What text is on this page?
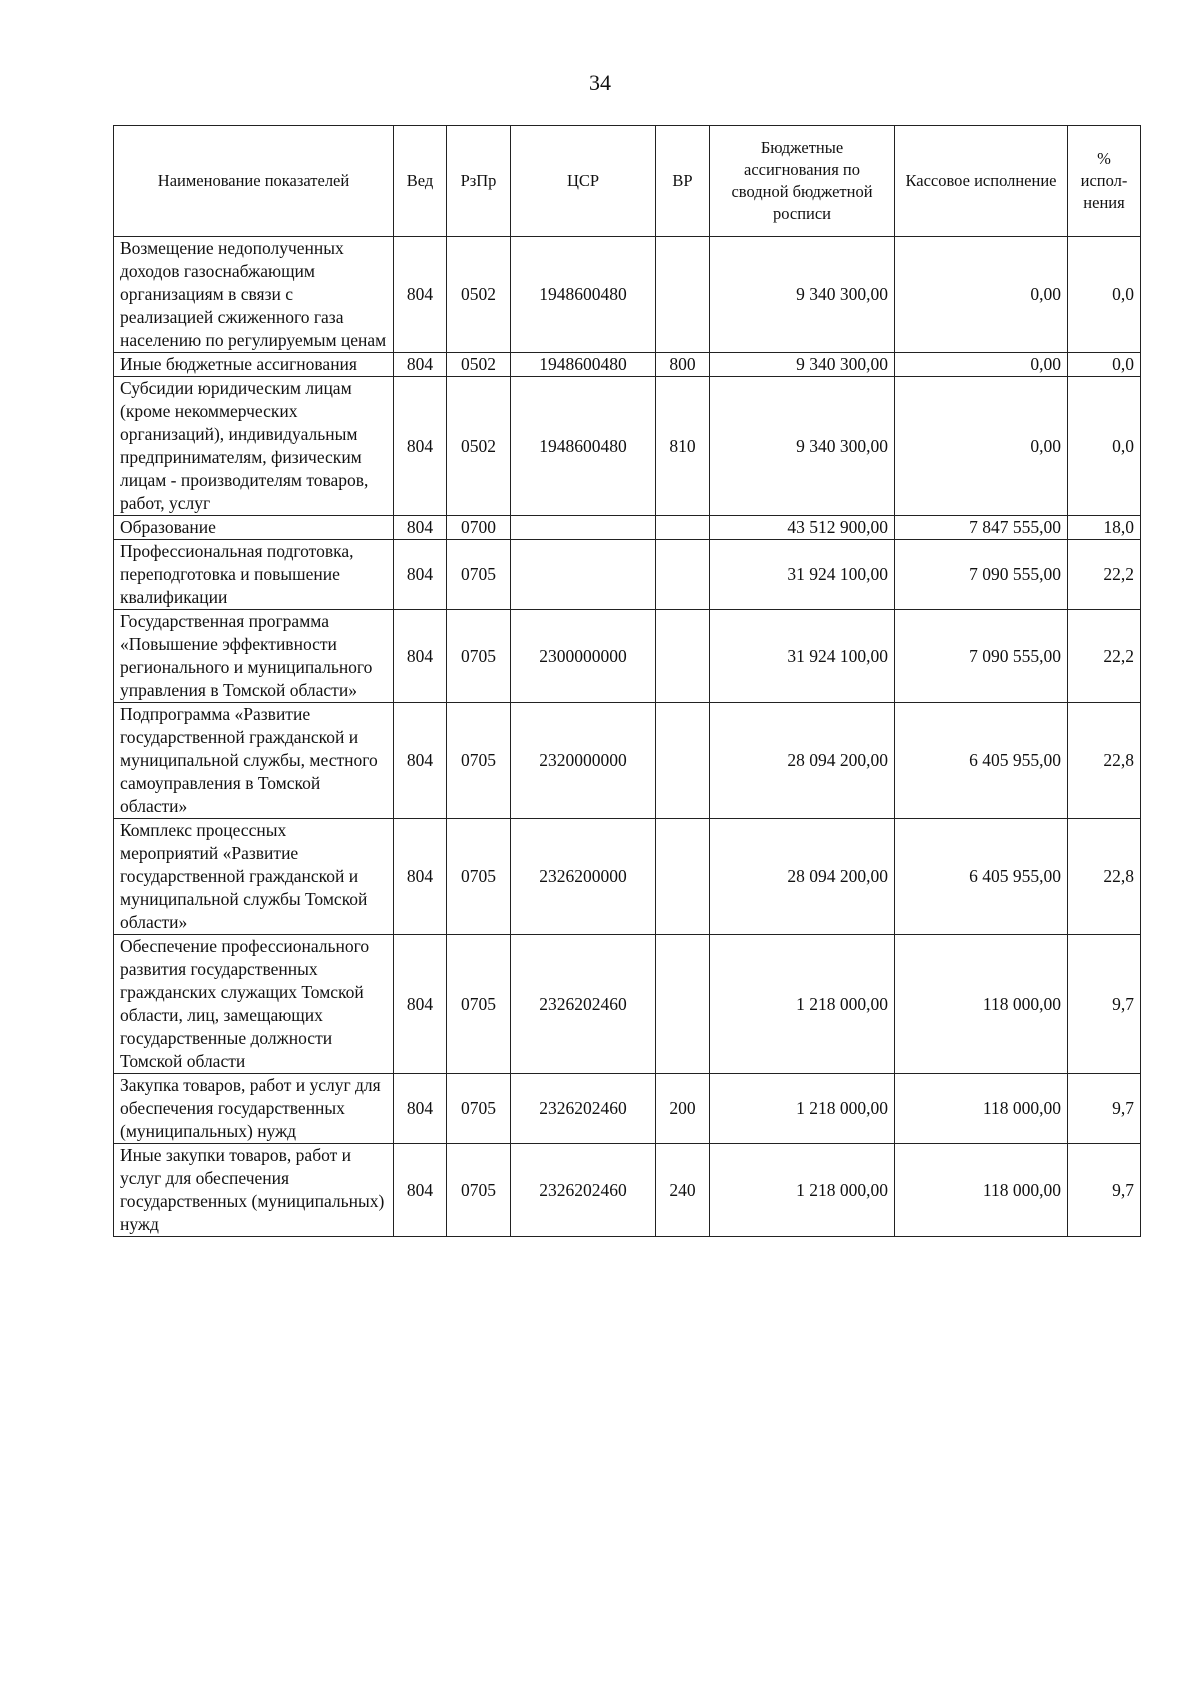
34
Наименование показателей	Вед	РзПр	ЦСР	ВР	Бюджетные ассигнования по сводной бюджетной росписи	Кассовое исполнение	% испол-нения
Возмещение недополученных доходов газоснабжающим организациям в связи с реализацией сжиженного газа населению по регулируемым ценам	804	0502	1948600480		9 340 300,00	0,00	0,0
Иные бюджетные ассигнования	804	0502	1948600480	800	9 340 300,00	0,00	0,0
Субсидии юридическим лицам (кроме некоммерческих организаций), индивидуальным предпринимателям, физическим лицам - производителям товаров, работ, услуг	804	0502	1948600480	810	9 340 300,00	0,00	0,0
Образование	804	0700			43 512 900,00	7 847 555,00	18,0
Профессиональная подготовка, переподготовка и повышение квалификации	804	0705			31 924 100,00	7 090 555,00	22,2
Государственная программа «Повышение эффективности регионального и муниципального управления в Томской области»	804	0705	2300000000		31 924 100,00	7 090 555,00	22,2
Подпрограмма «Развитие государственной гражданской и муниципальной службы, местного самоуправления в Томской области»	804	0705	2320000000		28 094 200,00	6 405 955,00	22,8
Комплекс процессных мероприятий «Развитие государственной гражданской и муниципальной службы Томской области»	804	0705	2326200000		28 094 200,00	6 405 955,00	22,8
Обеспечение профессионального развития государственных гражданских служащих Томской области, лиц, замещающих государственные должности Томской области	804	0705	2326202460		1 218 000,00	118 000,00	9,7
Закупка товаров, работ и услуг для обеспечения государственных (муниципальных) нужд	804	0705	2326202460	200	1 218 000,00	118 000,00	9,7
Иные закупки товаров, работ и услуг для обеспечения государственных (муниципальных) нужд	804	0705	2326202460	240	1 218 000,00	118 000,00	9,7
